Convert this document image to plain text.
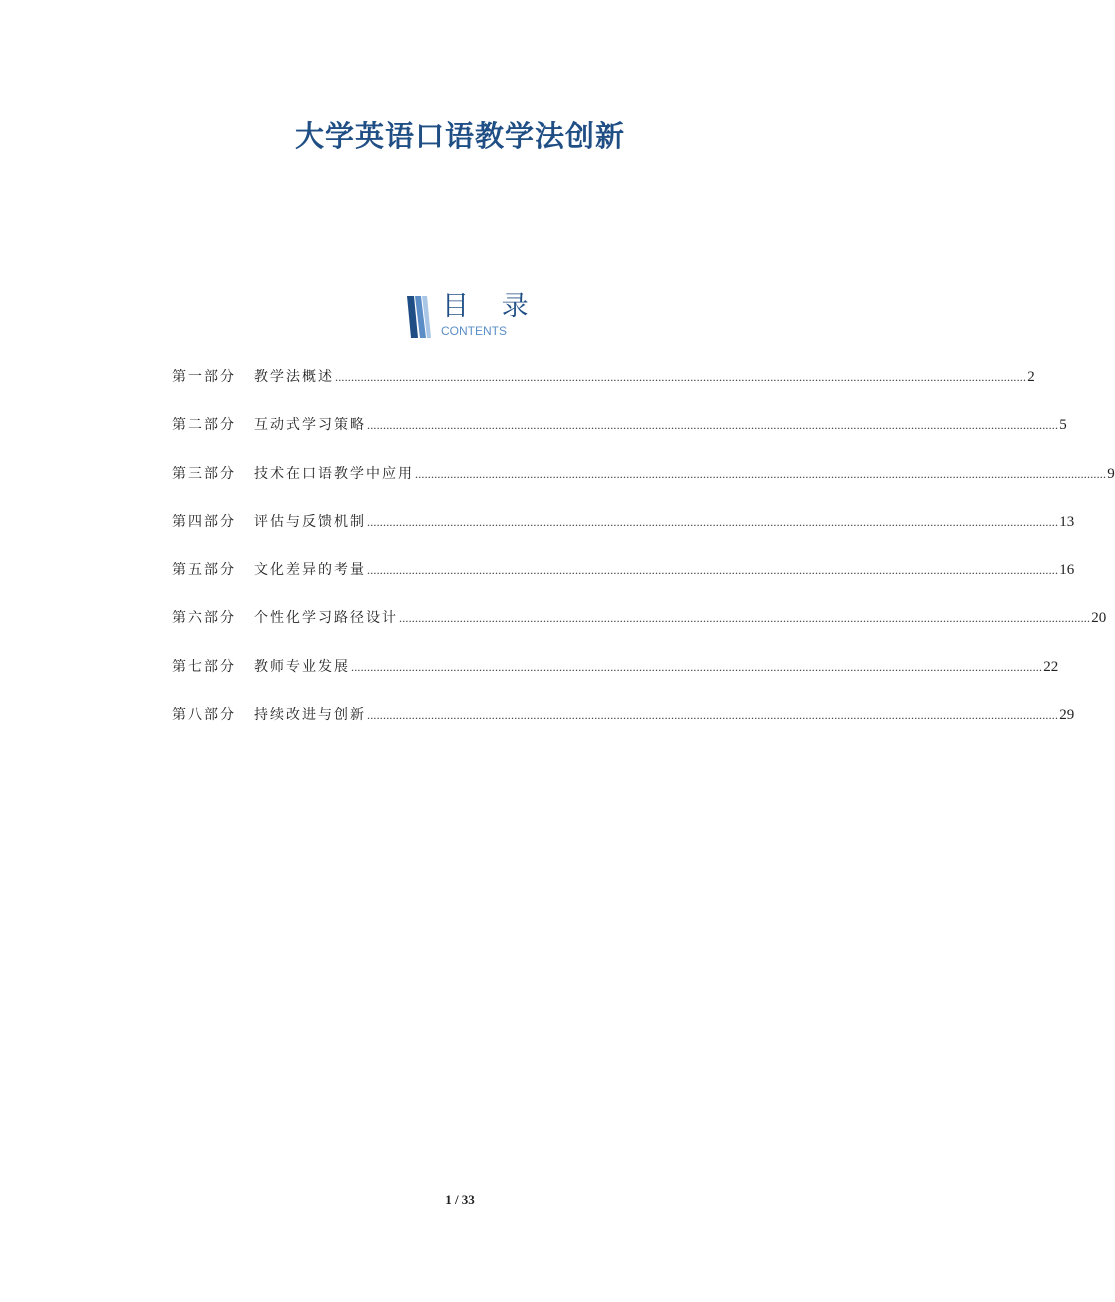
大学英语口语教学法创新
目 录
CONTENTS
第一部分	教学法概述 ........................................................................................................................................................................................................................ 2
第二部分	互动式学习策略 ........................................................................................................................................................................................................................ 5
第三部分	技术在口语教学中应用 ........................................................................................................................................................................................................................ 9
第四部分	评估与反馈机制 ........................................................................................................................................................................................................................ 13
第五部分	文化差异的考量 ........................................................................................................................................................................................................................ 16
第六部分	个性化学习路径设计 ........................................................................................................................................................................................................................ 20
第七部分	教师专业发展 ........................................................................................................................................................................................................................ 22
第八部分	持续改进与创新 ........................................................................................................................................................................................................................ 29
1 / 33
